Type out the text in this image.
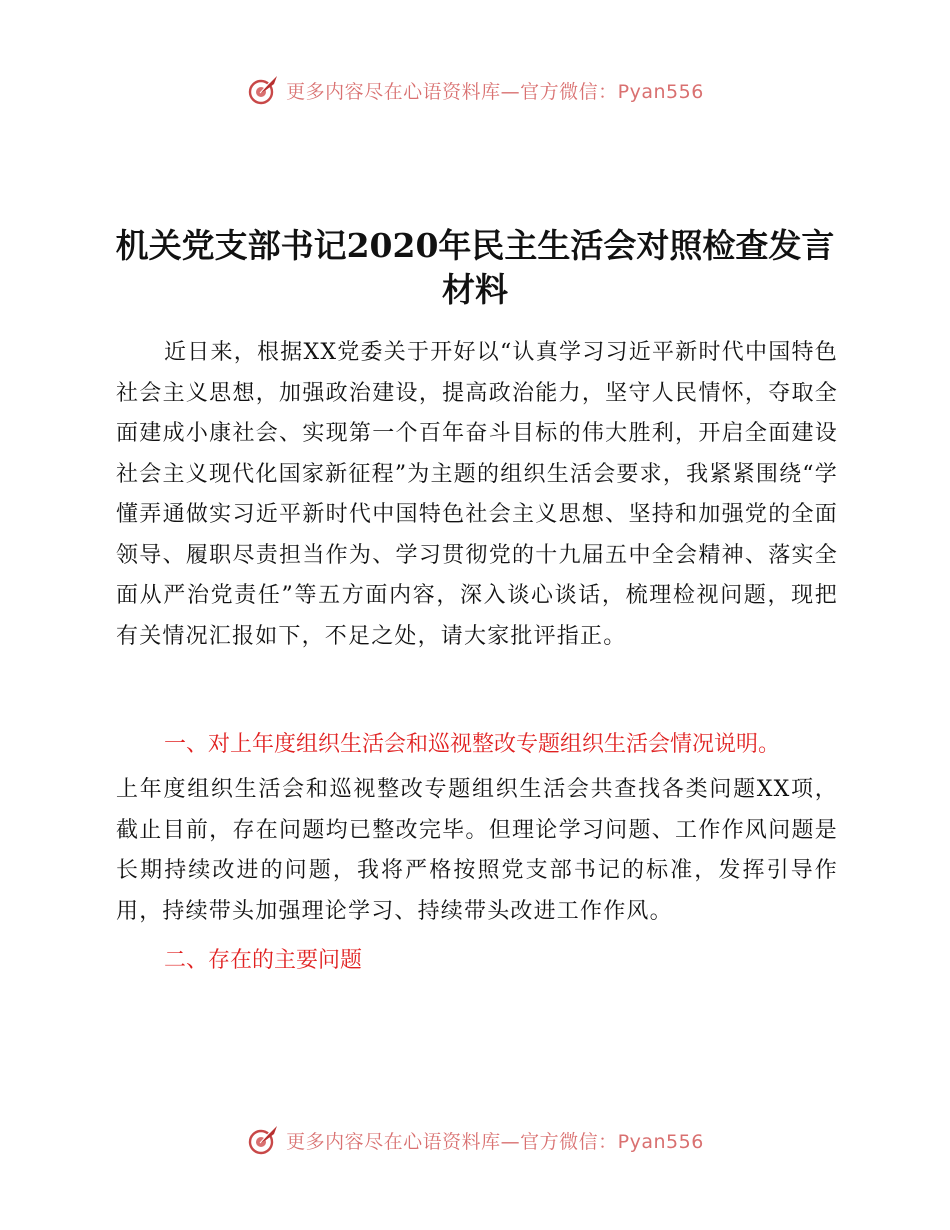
更多内容尽在心语资料库—官方微信：Pyan556
机关党支部书记2020年民主生活会对照检查发言材料
近日来，根据XX党委关于开好以“认真学习习近平新时代中国特色社会主义思想，加强政治建设，提高政治能力，坚守人民情怀，夺取全面建成小康社会、实现第一个百年奋斗目标的伟大胜利，开启全面建设社会主义现代化国家新征程”为主题的组织生活会要求，我紧紧围绕“学懂弄通做实习近平新时代中国特色社会主义思想、坚持和加强党的全面领导、履职尽责担当作为、学习贯彻党的十九届五中全会精神、落实全面从严治党责任”等五方面内容，深入谈心谈话，梳理检视问题，现把有关情况汇报如下，不足之处，请大家批评指正。
一、对上年度组织生活会和巡视整改专题组织生活会情况说明。
上年度组织生活会和巡视整改专题组织生活会共查找各类问题XX项，截止目前，存在问题均已整改完毕。但理论学习问题、工作作风问题是长期持续改进的问题，我将严格按照党支部书记的标准，发挥引导作用，持续带头加强理论学习、持续带头改进工作作风。
二、存在的主要问题
更多内容尽在心语资料库—官方微信：Pyan556
